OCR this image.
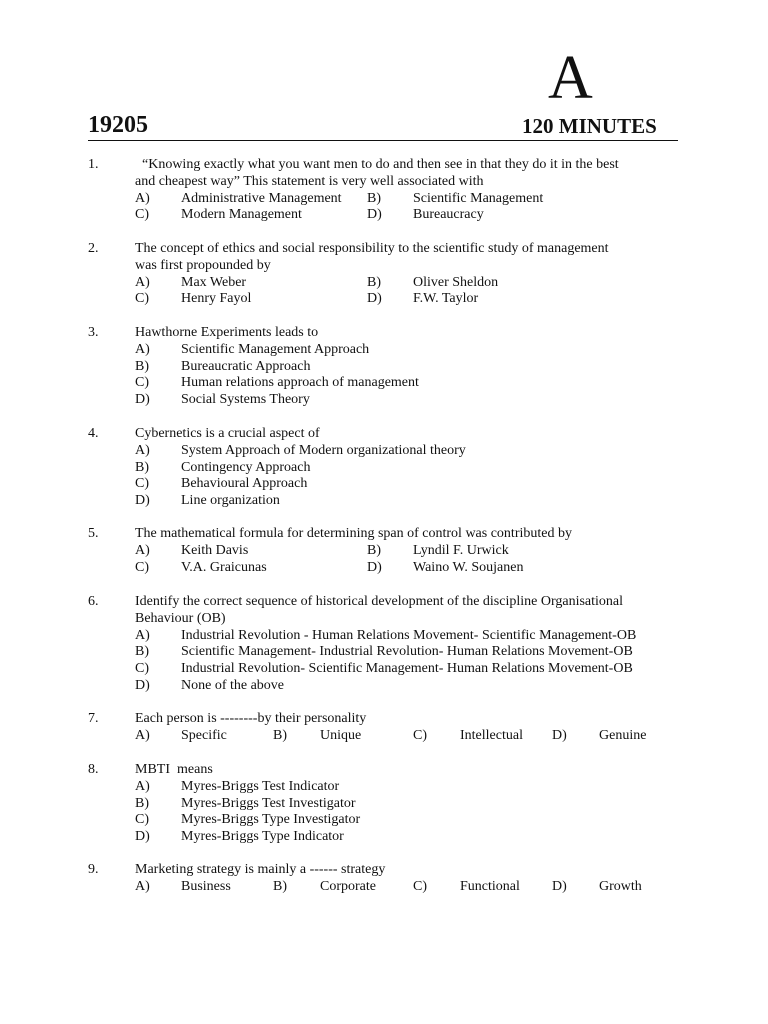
A
19205	120 MINUTES
1.	“Knowing exactly what you want men to do and then see in that they do it in the best
and cheapest way” This statement is very well associated with
A) Administrative Management B) Scientific Management
C) Modern Management	D) Bureaucracy
2.	The concept of ethics and social responsibility to the scientific study of management
was first propounded by
A) Max Weber	B) Oliver Sheldon
C) Henry Fayol	D) F.W. Taylor
3.	Hawthorne Experiments leads to
A) Scientific Management Approach
B) Bureaucratic Approach
C) Human relations approach of management
D) Social Systems Theory
4.	Cybernetics is a crucial aspect of
A) System Approach of Modern organizational theory
B) Contingency Approach
C) Behavioural Approach
D) Line organization
5.	The mathematical formula for determining span of control was contributed by
A) Keith Davis	B) Lyndil F. Urwick
C) V.A. Graicunas	D) Waino W. Soujanen
6.	Identify the correct sequence of historical development of the discipline Organisational
Behaviour (OB)
A) Industrial Revolution - Human Relations Movement- Scientific Management-OB
B) Scientific Management- Industrial Revolution- Human Relations Movement-OB
C) Industrial Revolution- Scientific Management- Human Relations Movement-OB
D) None of the above
7.	Each person is --------by their personality
A) Specific	B) Unique	C) Intellectual D) Genuine
8.	MBTI  means
A) Myres-Briggs Test Indicator
B) Myres-Briggs Test Investigator
C) Myres-Briggs Type Investigator
D) Myres-Briggs Type Indicator
9.	Marketing strategy is mainly a ------ strategy
A) Business	B) Corporate	C) Functional D) Growth
